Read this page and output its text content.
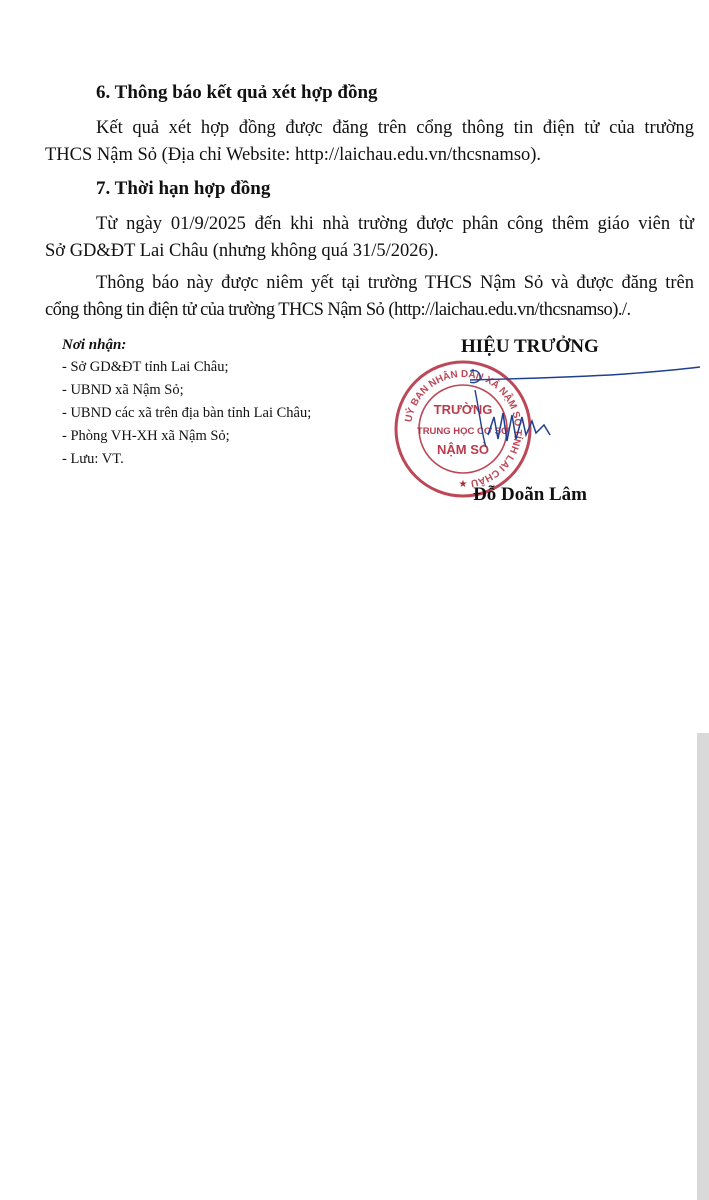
6. Thông báo kết quả xét hợp đồng
Kết quả xét hợp đồng được đăng trên cổng thông tin điện tử của trường
THCS Nậm Sỏ (Địa chỉ Website: http://laichau.edu.vn/thcsnamso).
7. Thời hạn hợp đồng
Từ ngày 01/9/2025 đến khi nhà trường được phân công thêm giáo viên từ
Sở GD&ĐT Lai Châu (nhưng không quá 31/5/2026).
Thông báo này được niêm yết tại trường THCS Nậm Sỏ và được đăng trên
cổng thông tin điện tử của trường THCS Nậm Sỏ (http://laichau.edu.vn/thcsnamso)./.
Nơi nhận:
- Sở GD&ĐT tỉnh Lai Châu;
- UBND xã Nậm Sỏ;
- UBND các xã trên địa bàn tỉnh Lai Châu;
- Phòng VH-XH xã Nậm Sỏ;
- Lưu: VT.
HIỆU TRƯỞNG
UỶ BAN NHÂN DÂN XÃ NẬM SỎ TỈNH LAI CHÂU
TRƯỜNG
TRUNG HỌC CƠ SỞ
NẬM SỎ
★ Đỗ Doãn Lâm
